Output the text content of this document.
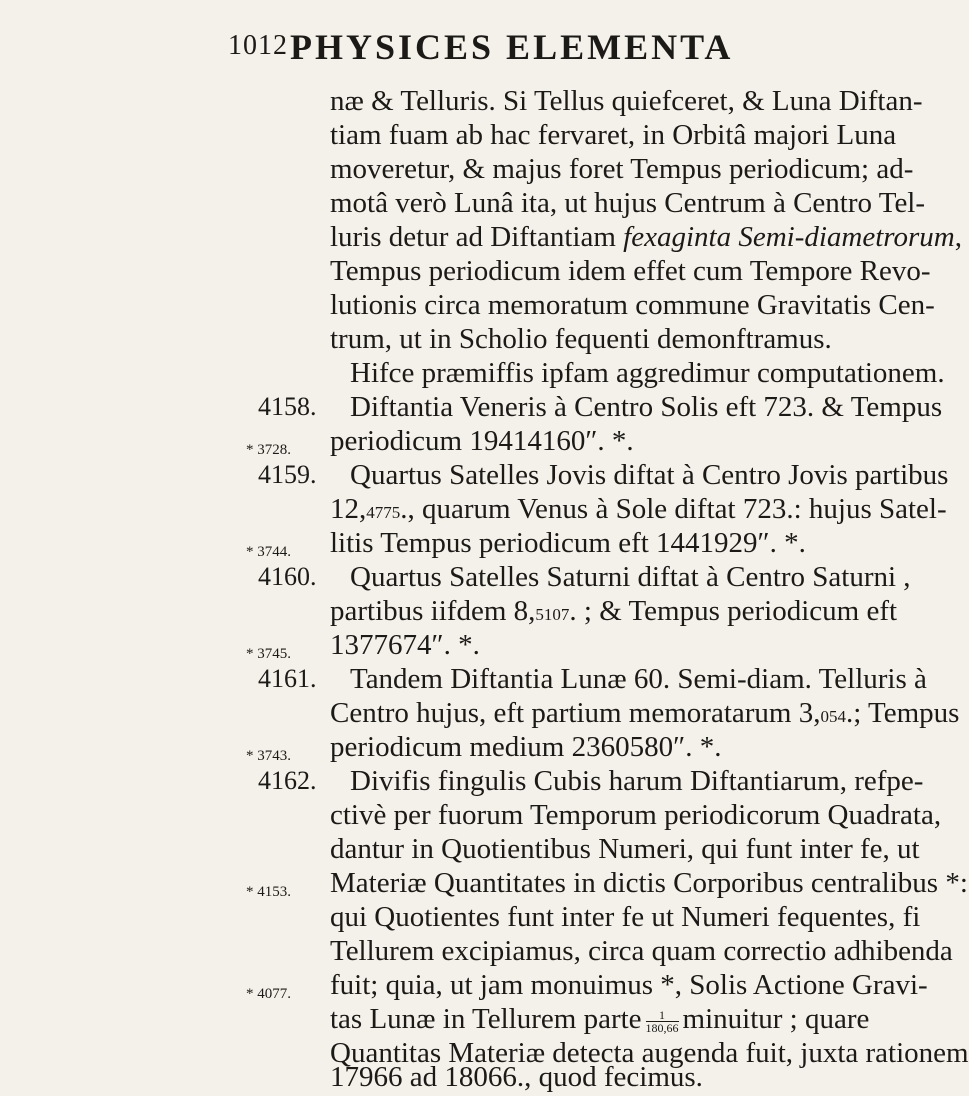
1012 PHYSICES ELEMENTA
næ & Telluris. Si Tellus quiefceret, & Luna Diftan-
tiam fuam ab hac fervaret, in Orbitâ majori Luna
moveretur, & majus foret Tempus periodicum; ad-
motâ verò Lunâ ita, ut hujus Centrum à Centro Tel-
luris detur ad Diftantiam fexaginta Semi-diametrorum,
Tempus periodicum idem effet cum Tempore Revo-
lutionis circa memoratum commune Gravitatis Cen-
trum, ut in Scholio fequenti demonftramus.
Hifce præmiffis ipfam aggredimur computationem.
4158. Diftantia Veneris à Centro Solis eft 723. & Tempus
* 3728. periodicum 19414160″. *.
4159. Quartus Satelles Jovis diftat à Centro Jovis partibus
12,4775., quarum Venus à Sole diftat 723.: hujus Satel-
* 3744. litis Tempus periodicum eft 1441929″. *.
4160. Quartus Satelles Saturni diftat à Centro Saturni ,
partibus iifdem 8,5107. ; & Tempus periodicum eft
* 3745. 1377674″. *.
4161. Tandem Diftantia Lunæ 60. Semi-diam. Telluris à
Centro hujus, eft partium memoratarum 3,054.; Tempus
* 3743. periodicum medium 2360580″. *.
4162. Divifis fingulis Cubis harum Diftantiarum, refpe-
ctivè per fuorum Temporum periodicorum Quadrata,
dantur in Quotientibus Numeri, qui funt inter fe, ut
* 4153. Materiæ Quantitates in dictis Corporibus centralibus *:
qui Quotientes funt inter fe ut Numeri fequentes, fi
Tellurem excipiamus, circa quam correctio adhibenda
* 4077. fuit; quia, ut jam monuimus *, Solis Actione Gravi-
tas Lunæ in Tellurem parte $\frac{1}{180,66}$ minuitur ; quare
Quantitas Materiæ detecta augenda fuit, juxta rationem
17966 ad 18066., quod fecimus.
